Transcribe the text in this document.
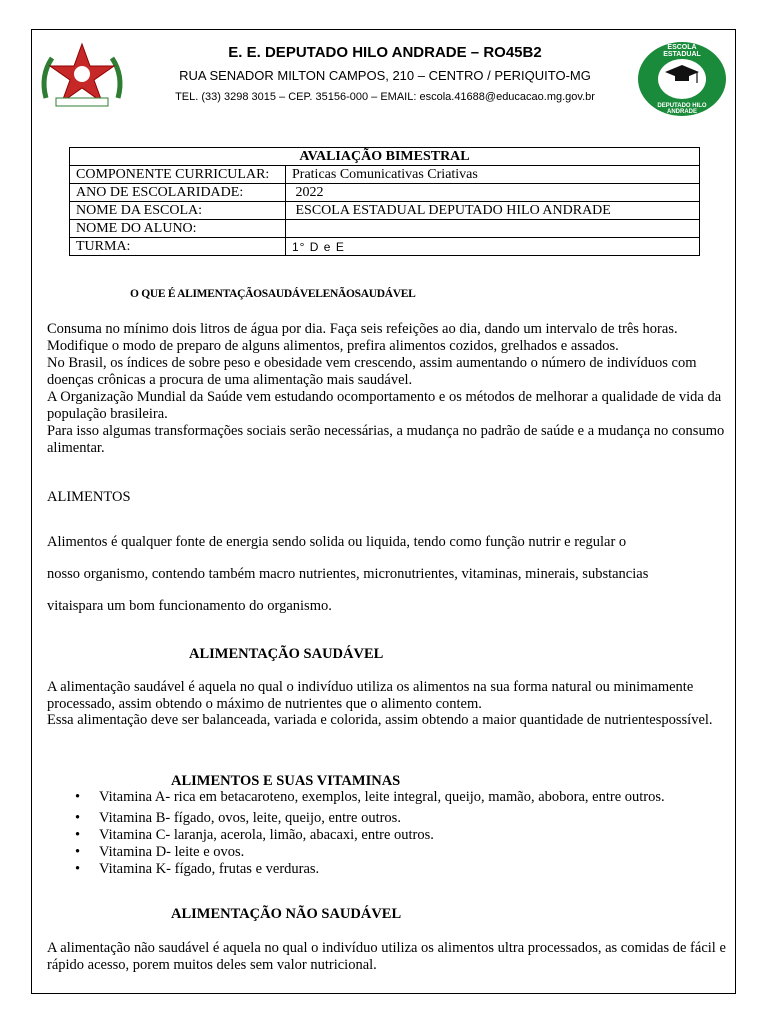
ESCOLA ESTADUAL
DEPUTADO HILO ANDRADE
E. E. DEPUTADO HILO ANDRADE – RO45B2
RUA SENADOR MILTON CAMPOS, 210 – CENTRO / PERIQUITO-MG
TEL. (33) 3298 3015 – CEP. 35156-000 – EMAIL: escola.41688@educacao.mg.gov.br
AVALIAÇÃO BIMESTRAL	
COMPONENTE CURRICULAR:	Praticas Comunicativas Criativas
ANO DE ESCOLARIDADE:	2022
NOME DA ESCOLA:	ESCOLA ESTADUAL DEPUTADO HILO ANDRADE
NOME DO ALUNO:	
TURMA:	1° D e E
O QUE É ALIMENTAÇÃOSAUDÁVELENÃOSAUDÁVEL

Consuma no mínimo dois litros de água por dia. Faça seis refeições ao dia, dando um intervalo de três horas. Modifique o modo de preparo de alguns alimentos, prefira alimentos cozidos, grelhados e assados.

No Brasil, os índices de sobre peso e obesidade vem crescendo, assim aumentando o número de indivíduos com doenças crônicas a procura de uma alimentação mais saudável.

A Organização Mundial da Saúde vem estudando ocomportamento e os métodos de melhorar a qualidade de vida da população brasileira.

Para isso algumas transformações sociais serão necessárias, a mudança no padrão de saúde e a mudança no consumo alimentar.

ALIMENTOS

Alimentos é qualquer fonte de energia sendo solida ou liquida, tendo como função nutrir e regular o

nosso organismo, contendo também macro nutrientes, micronutrientes, vitaminas, minerais, substancias

vitaispara um bom funcionamento do organismo.

ALIMENTAÇÃO SAUDÁVEL

A alimentação saudável é aquela no qual o indivíduo utiliza os alimentos na sua forma natural ou minimamente processado, assim obtendo o máximo de nutrientes que o alimento contem.

Essa alimentação deve ser balanceada, variada e colorida, assim obtendo a maior quantidade de nutrientespossível.

ALIMENTOS E SUAS VITAMINAS

• Vitamina A- rica em betacaroteno, exemplos, leite integral, queijo, mamão, abobora, entre outros.
• Vitamina B- fígado, ovos, leite, queijo, entre outros.
• Vitamina C- laranja, acerola, limão, abacaxi, entre outros.
• Vitamina D- leite e ovos.
• Vitamina K- fígado, frutas e verduras.

ALIMENTAÇÃO NÃO SAUDÁVEL

A alimentação não saudável é aquela no qual o indivíduo utiliza os alimentos ultra processados, as comidas de fácil e rápido acesso, porem muitos deles sem valor nutricional.
